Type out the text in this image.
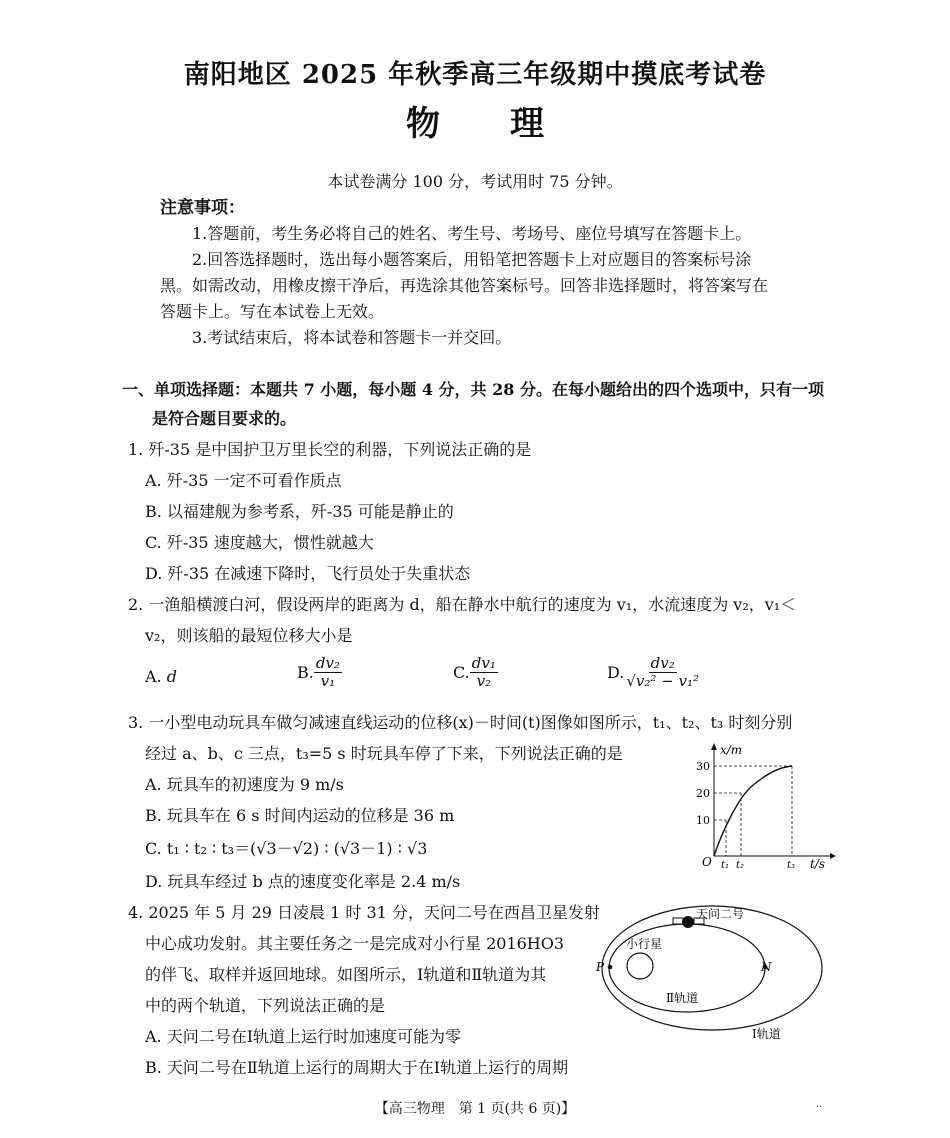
南阳地区 2025 年秋季高三年级期中摸底考试卷
物理
本试卷满分 100 分，考试用时 75 分钟。
注意事项：
1.答题前，考生务必将自己的姓名、考生号、考场号、座位号填写在答题卡上。
2.回答选择题时，选出每小题答案后，用铅笔把答题卡上对应题目的答案标号涂
黑。如需改动，用橡皮擦干净后，再选涂其他答案标号。回答非选择题时，将答案写在
答题卡上。写在本试卷上无效。
3.考试结束后，将本试卷和答题卡一并交回。
一、单项选择题：本题共 7 小题，每小题 4 分，共 28 分。在每小题给出的四个选项中，只有一项
是符合题目要求的。
1. 歼-35 是中国护卫万里长空的利器，下列说法正确的是
A. 歼-35 一定不可看作质点
B. 以福建舰为参考系，歼-35 可能是静止的
C. 歼-35 速度越大，惯性就越大
D. 歼-35 在减速下降时，飞行员处于失重状态
2. 一渔船横渡白河，假设两岸的距离为 d，船在静水中航行的速度为 v₁，水流速度为 v₂，v₁＜
v₂，则该船的最短位移大小是
A. d	B. $\frac{\text{dv₂}}{\text{v₁}}$	C. $\frac{\text{dv₁}}{\text{v₂}}$	D. $\frac{\text{dv₂}}{\text{√v₂² − v₁²}}$
3. 一小型电动玩具车做匀减速直线运动的位移(x)－时间(t)图像如图所示，t₁、t₂、t₃ 时刻分别
经过 a、b、c 三点，t₃=5 s 时玩具车停了下来，下列说法正确的是
A. 玩具车的初速度为 9 m/s
B. 玩具车在 6 s 时间内运动的位移是 36 m
C. t₁ ∶ t₂ ∶ t₃＝(√3－√2) ∶ (√3－1) ∶ √3
D. 玩具车经过 b 点的速度变化率是 2.4 m/s
x/m
t/s
O
30
20
10
t₁ t₂	t₃
4. 2025 年 5 月 29 日凌晨 1 时 31 分，天问二号在西昌卫星发射
中心成功发射。其主要任务之一是完成对小行星 2016HO3
的伴飞、取样并返回地球。如图所示，Ⅰ轨道和Ⅱ轨道为其
中的两个轨道，下列说法正确的是
A. 天问二号在Ⅰ轨道上运行时加速度可能为零
B. 天问二号在Ⅱ轨道上运行的周期大于在Ⅰ轨道上运行的周期
天问二号
小行星
P	N
Ⅱ轨道
Ⅰ轨道
【高三物理　第 1 页(共 6 页)】	··
